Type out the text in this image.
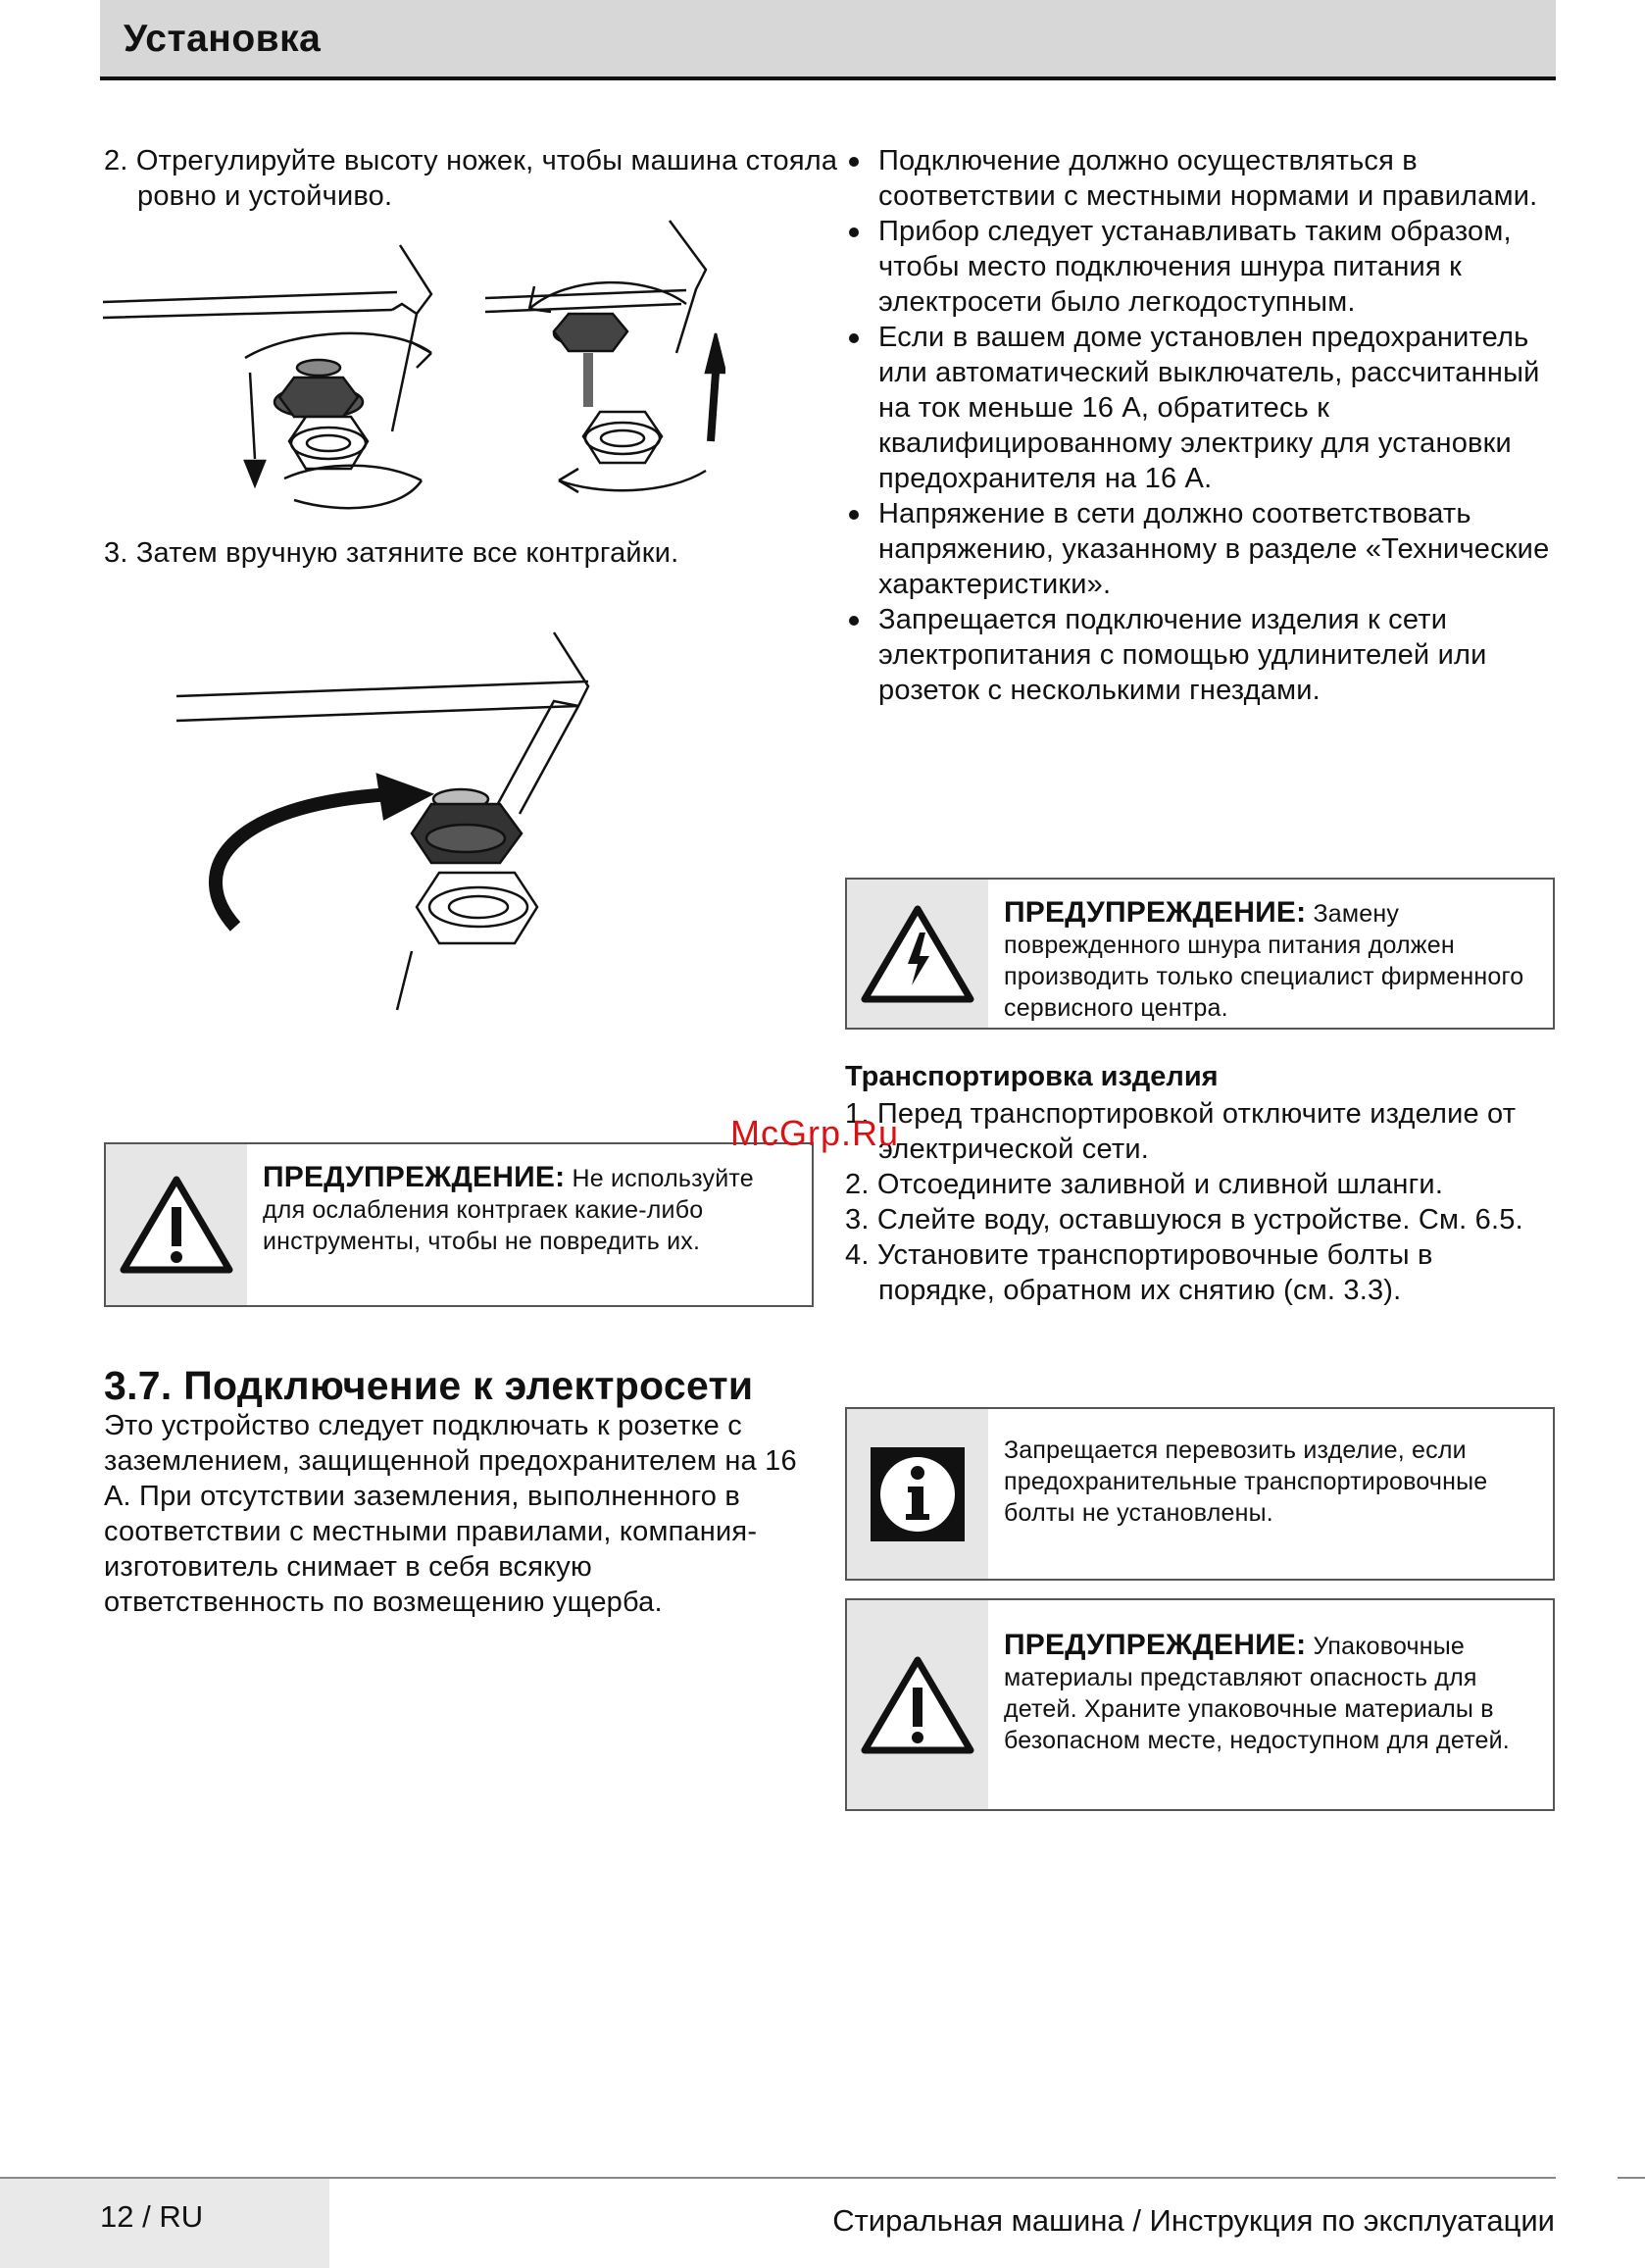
Установка
2. Отрегулируйте высоту ножек, чтобы машина стояла ровно и устойчиво.
3. Затем вручную затяните все контргайки.
ПРЕДУПРЕЖДЕНИЕ: Не используйте для ослабления контргаек какие-либо инструменты, чтобы не повредить их.
3.7. Подключение к электросети
Это устройство следует подключать к розетке с заземлением, защищенной предохранителем на 16 А. При отсутствии заземления, выполненного в соответствии с местными правилами, компания-изготовитель снимает в себя всякую ответственность по возмещению ущерба.
Подключение должно осуществляться в соответствии с местными нормами и правилами.
Прибор следует устанавливать таким образом, чтобы место подключения шнура питания к электросети было легкодоступным.
Если в вашем доме установлен предохранитель или автоматический выключатель, рассчитанный на ток меньше 16 А, обратитесь к квалифицированному электрику для установки предохранителя на 16 А.
Напряжение в сети должно соответствовать напряжению, указанному в разделе «Технические характеристики».
Запрещается подключение изделия к сети электропитания с помощью удлинителей или розеток с несколькими гнездами.
ПРЕДУПРЕЖДЕНИЕ: Замену поврежденного шнура питания должен производить только специалист фирменного сервисного центра.
Транспортировка изделия
1. Перед транспортировкой отключите изделие от электрической сети.
2. Отсоедините заливной и сливной шланги.
3. Слейте воду, оставшуюся в устройстве. См. 6.5.
4. Установите транспортировочные болты в порядке, обратном их снятию (см. 3.3).
Запрещается перевозить изделие, если предохранительные транспортировочные болты не установлены.
ПРЕДУПРЕЖДЕНИЕ: Упаковочные материалы представляют опасность для детей. Храните упаковочные материалы в безопасном месте, недоступном для детей.
McGrp.Ru
12 / RU	Стиральная машина / Инструкция по эксплуатации
